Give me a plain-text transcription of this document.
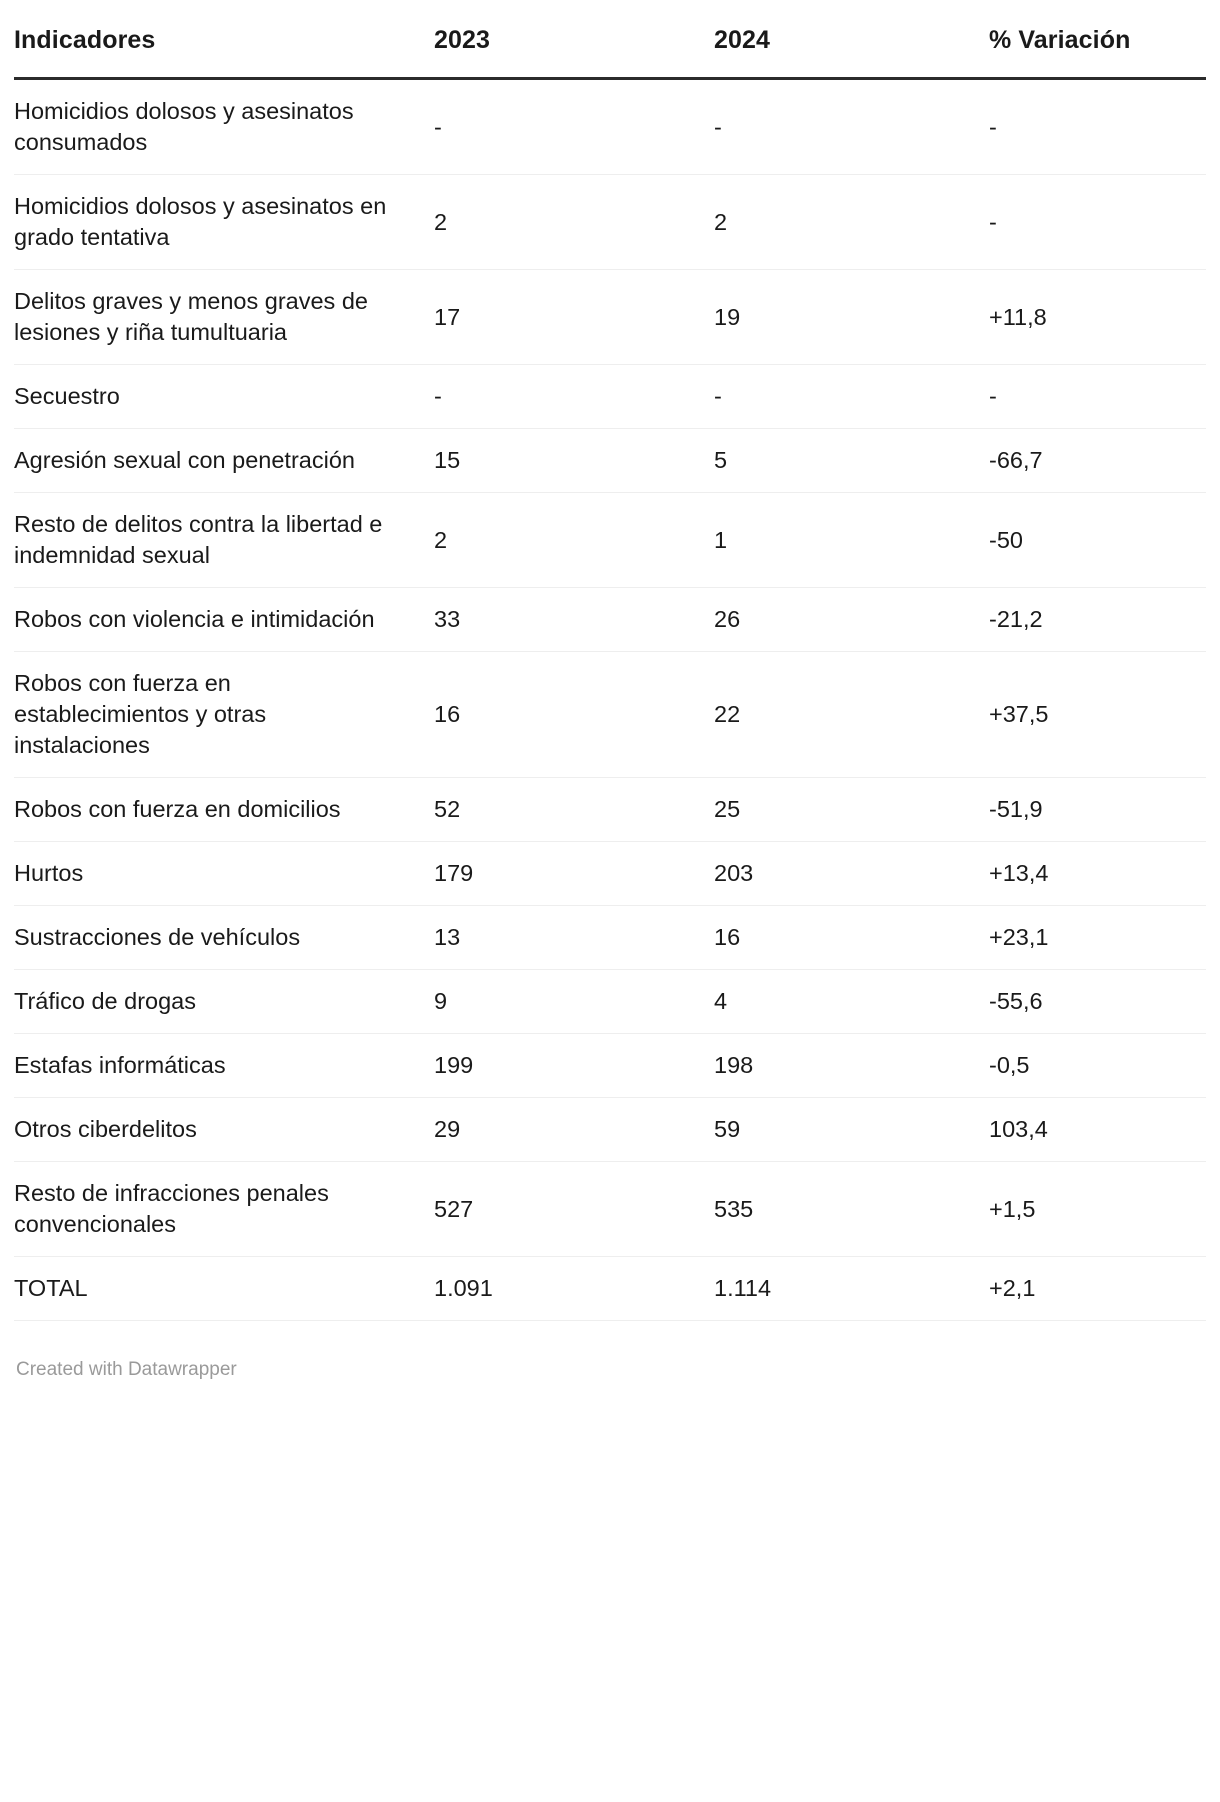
Indicadores	2023	2024	% Variación
Homicidios dolosos y asesinatos consumados	-	-	-
Homicidios dolosos y asesinatos en grado tentativa	2	2	-
Delitos graves y menos graves de lesiones y riña tumultuaria	17	19	+11,8
Secuestro	-	-	-
Agresión sexual con penetración	15	5	-66,7
Resto de delitos contra la libertad e indemnidad sexual	2	1	-50
Robos con violencia e intimidación	33	26	-21,2
Robos con fuerza en establecimientos y otras instalaciones	16	22	+37,5
Robos con fuerza en domicilios	52	25	-51,9
Hurtos	179	203	+13,4
Sustracciones de vehículos	13	16	+23,1
Tráfico de drogas	9	4	-55,6
Estafas informáticas	199	198	-0,5
Otros ciberdelitos	29	59	103,4
Resto de infracciones penales convencionales	527	535	+1,5
TOTAL	1.091	1.114	+2,1
Created with Datawrapper
